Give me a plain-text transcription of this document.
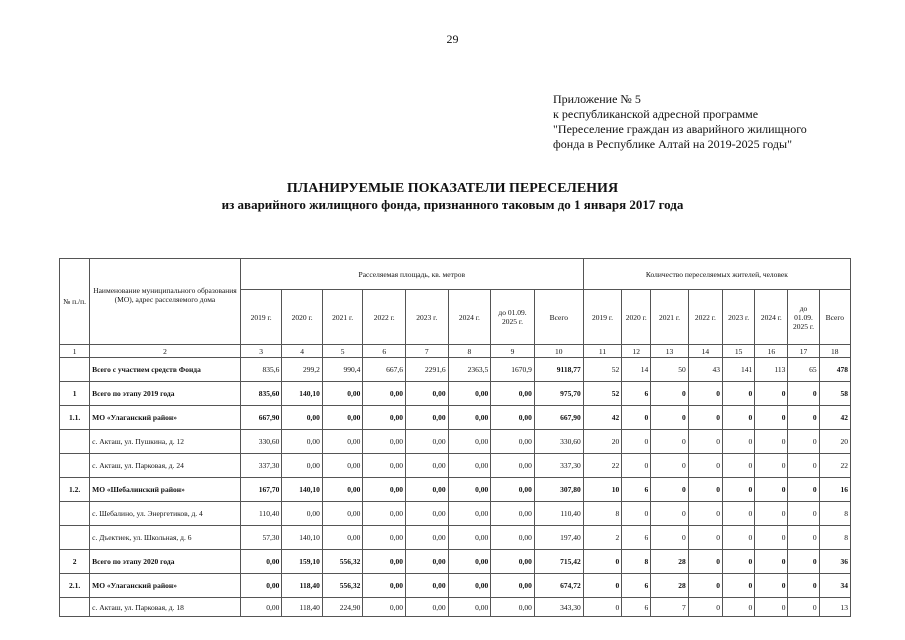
29
Приложение № 5
к республиканской адресной программе
"Переселение граждан из аварийного жилищного
фонда в Республике Алтай на 2019-2025 годы"
ПЛАНИРУЕМЫЕ ПОКАЗАТЕЛИ ПЕРЕСЕЛЕНИЯ
из аварийного жилищного фонда, признанного таковым до 1 января 2017 года
№ п./п.	Наименование муниципального образования (МО), адрес расселяемого дома	Расселяемая площадь, кв. метров								Количество переселяемых жителей, человек							
		2019 г.	2020 г.	2021 г.	2022 г.	2023 г.	2024 г.	до 01.09. 2025 г.	Всего	2019 г.	2020 г.	2021 г.	2022 г.	2023 г.	2024 г.	до 01.09. 2025 г.	Всего
1	2	3	4	5	6	7	8	9	10	11	12	13	14	15	16	17	18
	Всего с участием средств Фонда	835,6	299,2	990,4	667,6	2291,6	2363,5	1670,9	9118,77	52	14	50	43	141	113	65	478
1	Всего по этапу 2019 года	835,60	140,10	0,00	0,00	0,00	0,00	0,00	975,70	52	6	0	0	0	0	0	58
1.1.	МО «Улаганский район»	667,90	0,00	0,00	0,00	0,00	0,00	0,00	667,90	42	0	0	0	0	0	0	42
	с. Акташ, ул. Пушкина, д. 12	330,60	0,00	0,00	0,00	0,00	0,00	0,00	330,60	20	0	0	0	0	0	0	20
	с. Акташ, ул. Парковая, д. 24	337,30	0,00	0,00	0,00	0,00	0,00	0,00	337,30	22	0	0	0	0	0	0	22
1.2.	МО «Шебалинский район»	167,70	140,10	0,00	0,00	0,00	0,00	0,00	307,80	10	6	0	0	0	0	0	16
	с. Шебалино, ул. Энергетиков, д. 4	110,40	0,00	0,00	0,00	0,00	0,00	0,00	110,40	8	0	0	0	0	0	0	8
	с. Дъектиек, ул. Школьная, д. 6	57,30	140,10	0,00	0,00	0,00	0,00	0,00	197,40	2	6	0	0	0	0	0	8
2	Всего по этапу 2020 года	0,00	159,10	556,32	0,00	0,00	0,00	0,00	715,42	0	8	28	0	0	0	0	36
2.1.	МО «Улаганский район»	0,00	118,40	556,32	0,00	0,00	0,00	0,00	674,72	0	6	28	0	0	0	0	34
	с. Акташ, ул. Парковая, д. 18	0,00	118,40	224,90	0,00	0,00	0,00	0,00	343,30	0	6	7	0	0	0	0	13
